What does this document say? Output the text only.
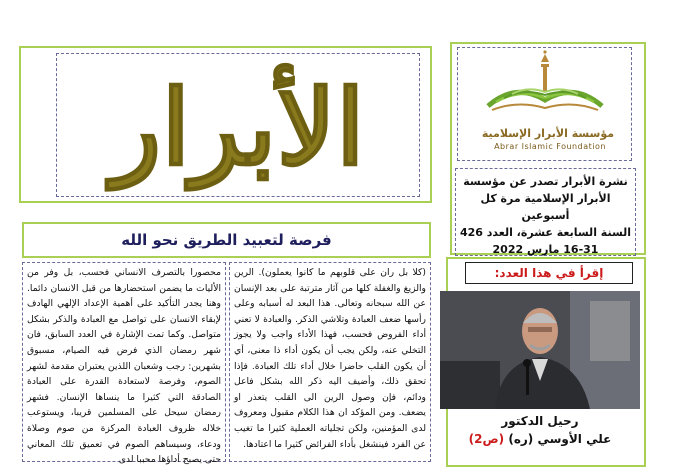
الأبرار	مؤسسة الأبرار الإسلامية
Abrar Islamic Foundation
نشرة الأبرار تصدر عن مؤسسة
الأبرار الإسلامية مرة كل أسبوعين
السنة السابعة عشرة، العدد 426
16-31 مارس 2022
إقرأ في هذا العدد:
رحيل الدكتور
علي الأوسي (ره) (ص2)
فرصة لتعبيد الطريق نحو الله
(كلا بل ران على قلوبهم ما كانوا يعملون). الرين والزيغ والغفلة كلها من آثار مترتبة على بعد الإنسان عن الله سبحانه وتعالى. هذا البعد له أسبابه وعلى رأسها ضعف العبادة وتلاشي الذكر. والعبادة لا تعني أداء الفروض فحسب، فهذا الأداء واجب ولا يجوز التخلي عنه، ولكن يجب أن يكون أداء ذا معنى، أي أن يكون القلب حاضرا خلال أداء تلك العبادة. فإذا تحقق ذلك، وأضيف اليه ذكر الله بشكل فاعل ودائم، فإن وصول الرين الى القلب يتعذر او يضعف. ومن المؤكد ان هذا الكلام مقبول ومعروف لدى المؤمنين، ولكن تجلياته العملية كثيرا ما تغيب عن الفرد فينشغل بأداء الفرائض كثيرا ما اعتادها.
محصورا بالتصرف الانساني فحسب، بل وفر من الأليات ما يضمن استحضارها من قبل الانسان دائما. وهنا يجدر التأكيد على أهمية الإعداد الإلهي الهادف لإبقاء الانسان على تواصل مع العبادة والذكر بشكل متواصل. وكما تمت الإشارة في العدد السابق، فان شهر رمضان الذي فرض فيه الصيام، مسبوق بشهرين: رجب وشعبان اللذين يعتبران مقدمة لشهر الصوم، وفرصة لاستعادة القدرة على العبادة الصادقة التي كثيرا ما ينساها الإنسان. فشهر رمضان سيحل على المسلمين قريبا، ويستوعب خلاله ظروف العبادة المركزة من صوم وصلاة ودعاء، وسيساهم الصوم في تعميق تلك المعاني حتى يصبح أداؤها محببا لدى
